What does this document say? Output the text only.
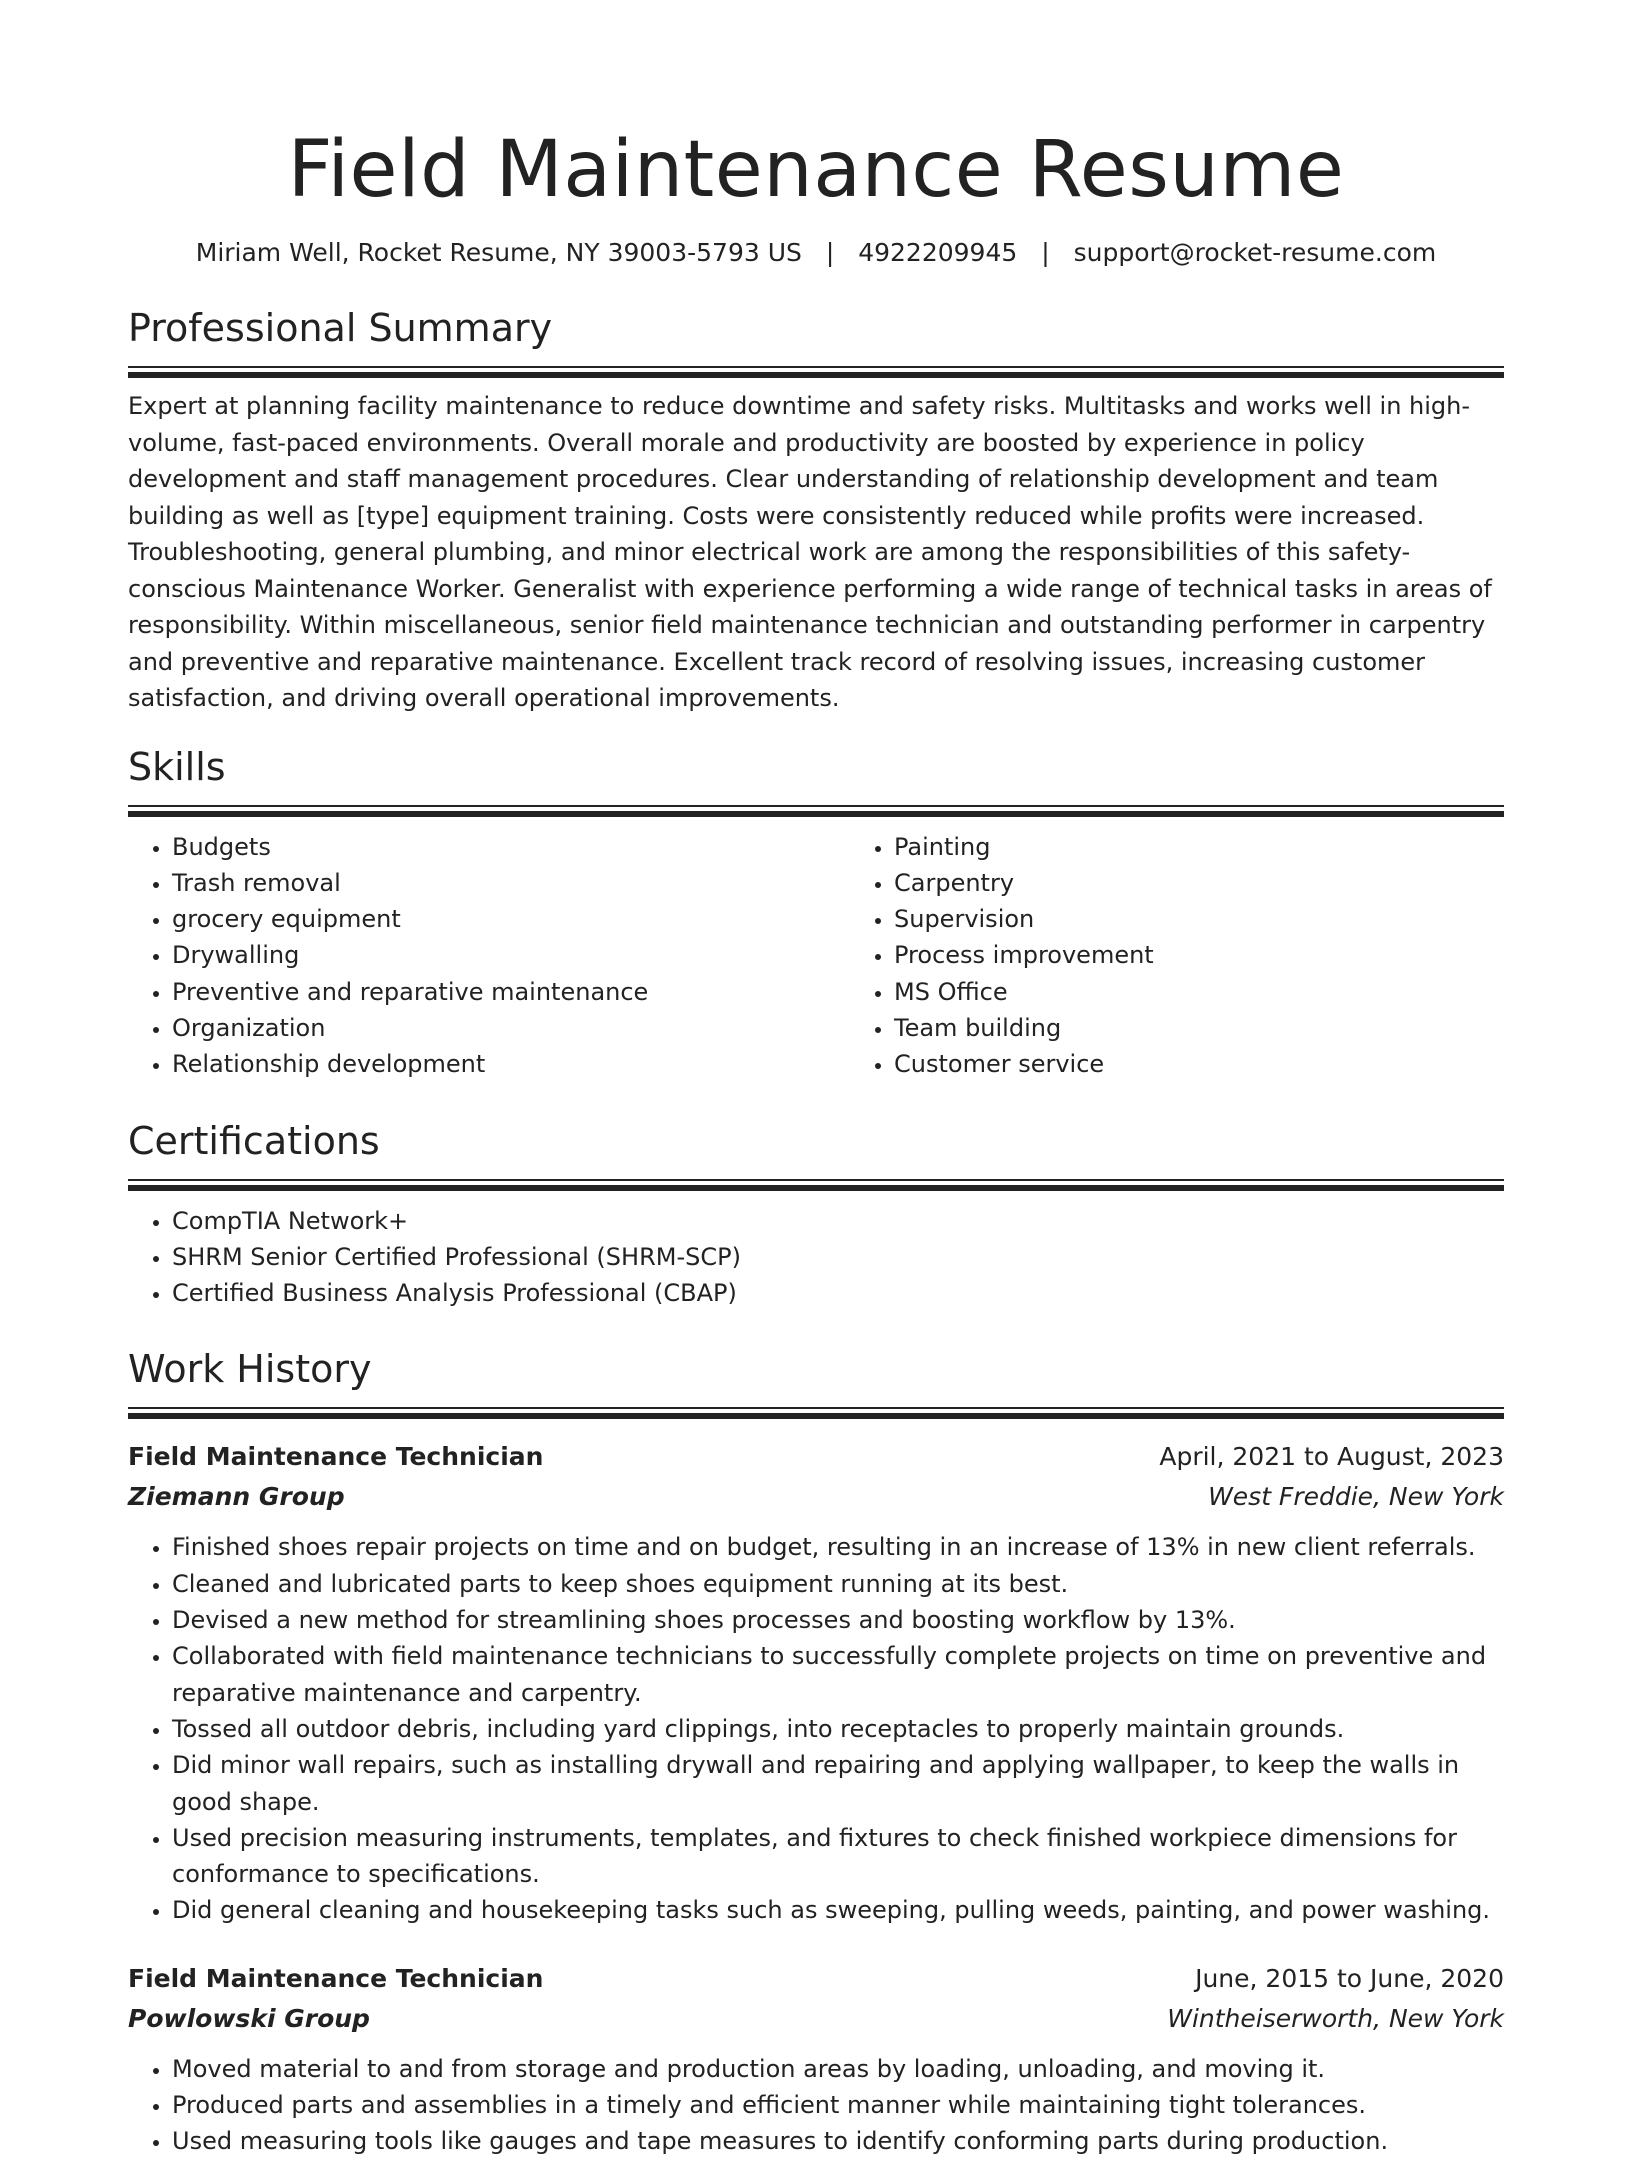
Field Maintenance Resume
Miriam Well, Rocket Resume, NY 39003-5793 US | 4922209945 | support@rocket-resume.com
Professional Summary

Expert at planning facility maintenance to reduce downtime and safety risks. Multitasks and works well in high-volume, fast-paced environments. Overall morale and productivity are boosted by experience in policy development and staff management procedures. Clear understanding of relationship development and team building as well as [type] equipment training. Costs were consistently reduced while profits were increased. Troubleshooting, general plumbing, and minor electrical work are among the responsibilities of this safety-conscious Maintenance Worker. Generalist with experience performing a wide range of technical tasks in areas of responsibility. Within miscellaneous, senior field maintenance technician and outstanding performer in carpentry and preventive and reparative maintenance. Excellent track record of resolving issues, increasing customer satisfaction, and driving overall operational improvements.

Skills
• Budgets
• Trash removal
• grocery equipment
• Drywalling
• Preventive and reparative maintenance
• Organization
• Relationship development
• Painting
• Carpentry
• Supervision
• Process improvement
• MS Office
• Team building
• Customer service
Certifications
• CompTIA Network+
• SHRM Senior Certified Professional (SHRM-SCP)
• Certified Business Analysis Professional (CBAP)
Work History
Field Maintenance Technician	April, 2021 to August, 2023
Ziemann Group	West Freddie, New York
• Finished shoes repair projects on time and on budget, resulting in an increase of 13% in new client referrals.
• Cleaned and lubricated parts to keep shoes equipment running at its best.
• Devised a new method for streamlining shoes processes and boosting workflow by 13%.
• Collaborated with field maintenance technicians to successfully complete projects on time on preventive and reparative maintenance and carpentry.
• Tossed all outdoor debris, including yard clippings, into receptacles to properly maintain grounds.
• Did minor wall repairs, such as installing drywall and repairing and applying wallpaper, to keep the walls in good shape.
• Used precision measuring instruments, templates, and fixtures to check finished workpiece dimensions for conformance to specifications.
• Did general cleaning and housekeeping tasks such as sweeping, pulling weeds, painting, and power washing.
Field Maintenance Technician	June, 2015 to June, 2020
Powlowski Group	Wintheiserworth, New York
• Moved material to and from storage and production areas by loading, unloading, and moving it.
• Produced parts and assemblies in a timely and efficient manner while maintaining tight tolerances.
• Used measuring tools like gauges and tape measures to identify conforming parts during production.
